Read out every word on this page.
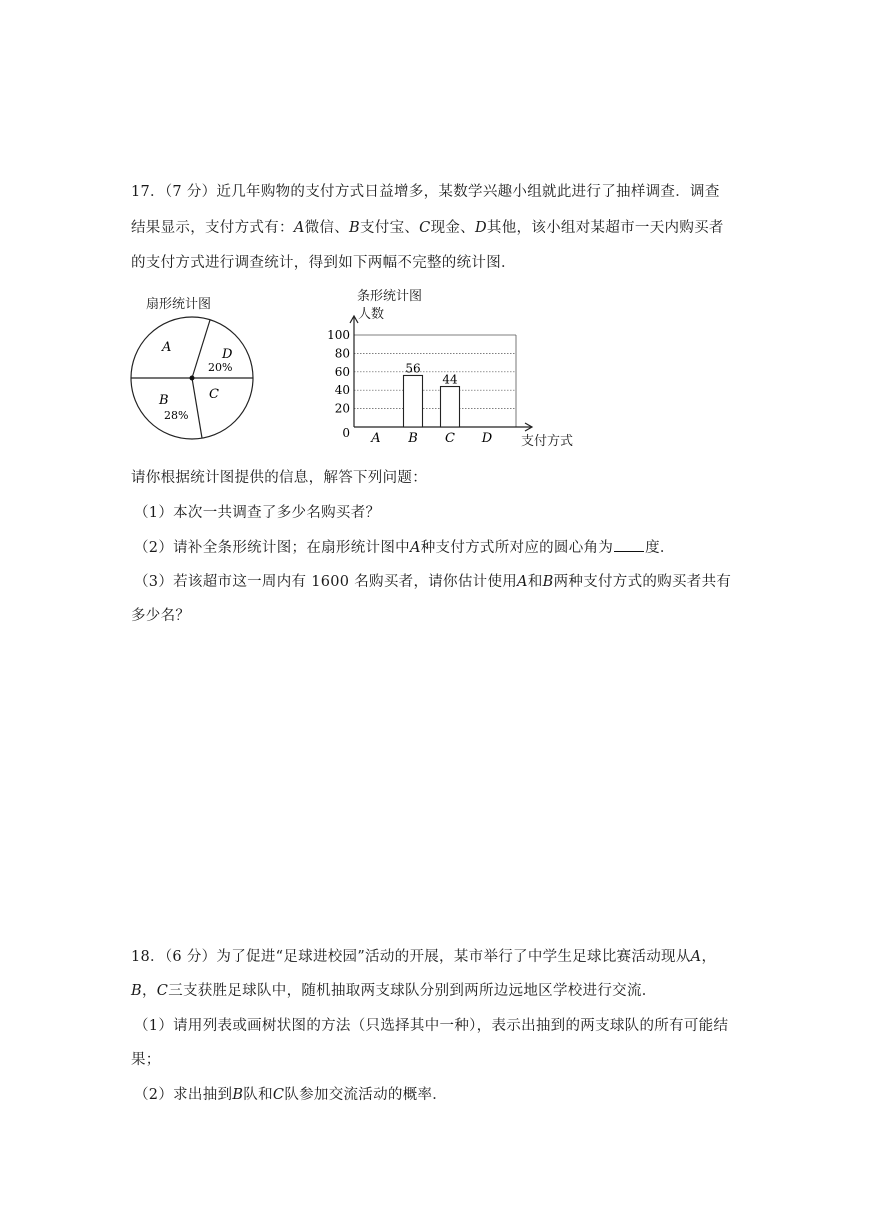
17．（7 分）近几年购物的支付方式日益增多，某数学兴趣小组就此进行了抽样调查．调查
结果显示，支付方式有：A微信、B支付宝、C现金、D其他，该小组对某超市一天内购买者
的支付方式进行调查统计，得到如下两幅不完整的统计图．
扇形统计图
A	D
20%
B
28%
C
条形统计图
人数
支付方式
0
20
40
60
80
100
A B C D
56
44
请你根据统计图提供的信息，解答下列问题：
（1）本次一共调查了多少名购买者？
（2）请补全条形统计图；在扇形统计图中A种支付方式所对应的圆心角为 度．
（3）若该超市这一周内有 1600 名购买者，请你估计使用A和B两种支付方式的购买者共有
多少名？
18．（6 分）为了促进“足球进校园”活动的开展，某市举行了中学生足球比赛活动现从A，
B，C三支获胜足球队中，随机抽取两支球队分别到两所边远地区学校进行交流．
（1）请用列表或画树状图的方法（只选择其中一种），表示出抽到的两支球队的所有可能结
果；
（2）求出抽到B队和C队参加交流活动的概率．
